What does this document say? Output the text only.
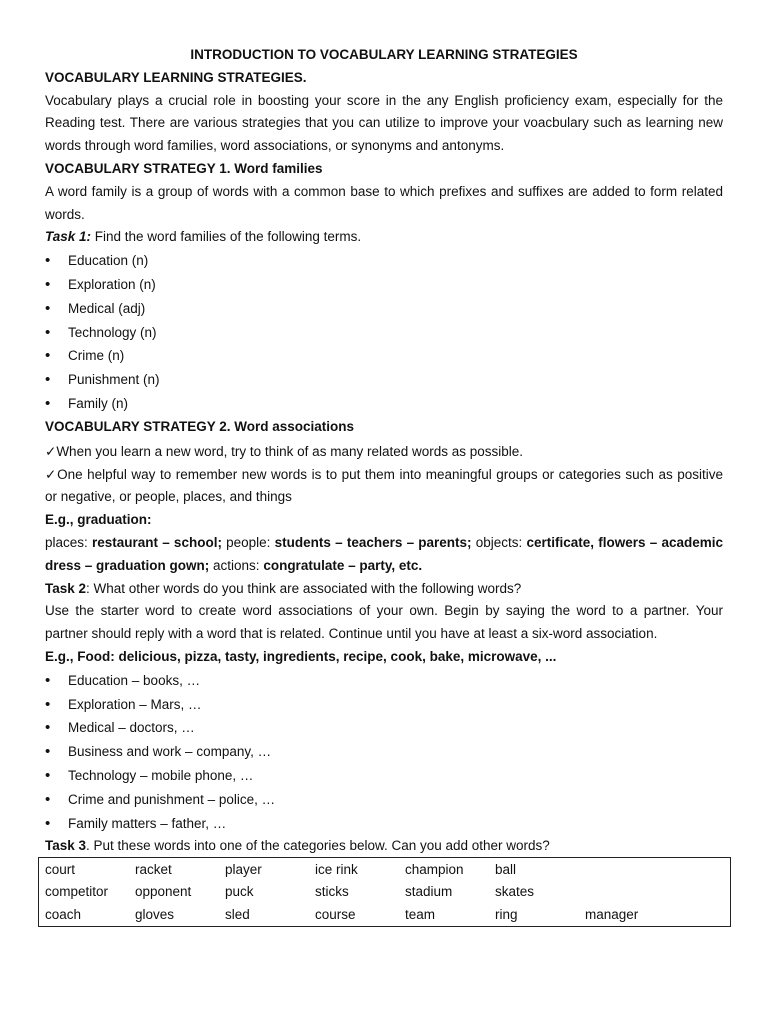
INTRODUCTION TO VOCABULARY LEARNING STRATEGIES
VOCABULARY LEARNING STRATEGIES.
Vocabulary plays a crucial role in boosting your score in the any English proficiency exam, especially for the
Reading test. There are various strategies that you can utilize to improve your voacbulary such as learning new
words through word families, word associations, or synonyms and antonyms.
VOCABULARY STRATEGY 1. Word families
A word family is a group of words with a common base to which prefixes and suffixes are added to form related
words.
Task 1: Find the word families of the following terms.
• Education (n)
• Exploration (n)
• Medical (adj)
• Technology (n)
• Crime (n)
• Punishment (n)
• Family (n)
VOCABULARY STRATEGY 2. Word associations
✓ When you learn a new word, try to think of as many related words as possible.
✓ One helpful way to remember new words is to put them into meaningful groups or categories such as positive
or negative, or people, places, and things
E.g., graduation:
places: restaurant – school; people: students – teachers – parents; objects: certificate, flowers – academic
dress – graduation gown; actions: congratulate – party, etc.
Task 2: What other words do you think are associated with the following words?
Use the starter word to create word associations of your own. Begin by saying the word to a partner. Your
partner should reply with a word that is related. Continue until you have at least a six-word association.
E.g., Food: delicious, pizza, tasty, ingredients, recipe, cook, bake, microwave, ...
• Education – books, …
• Exploration – Mars, …
• Medical – doctors, …
• Business and work – company, …
• Technology – mobile phone, …
• Crime and punishment – police, …
• Family matters – father, …
Task 3. Put these words into one of the categories below. Can you add other words?
court	racket	player	ice rink	champion	ball	
competitor	opponent	puck	sticks	stadium	skates	
coach	gloves	sled	course	team	ring	manager
